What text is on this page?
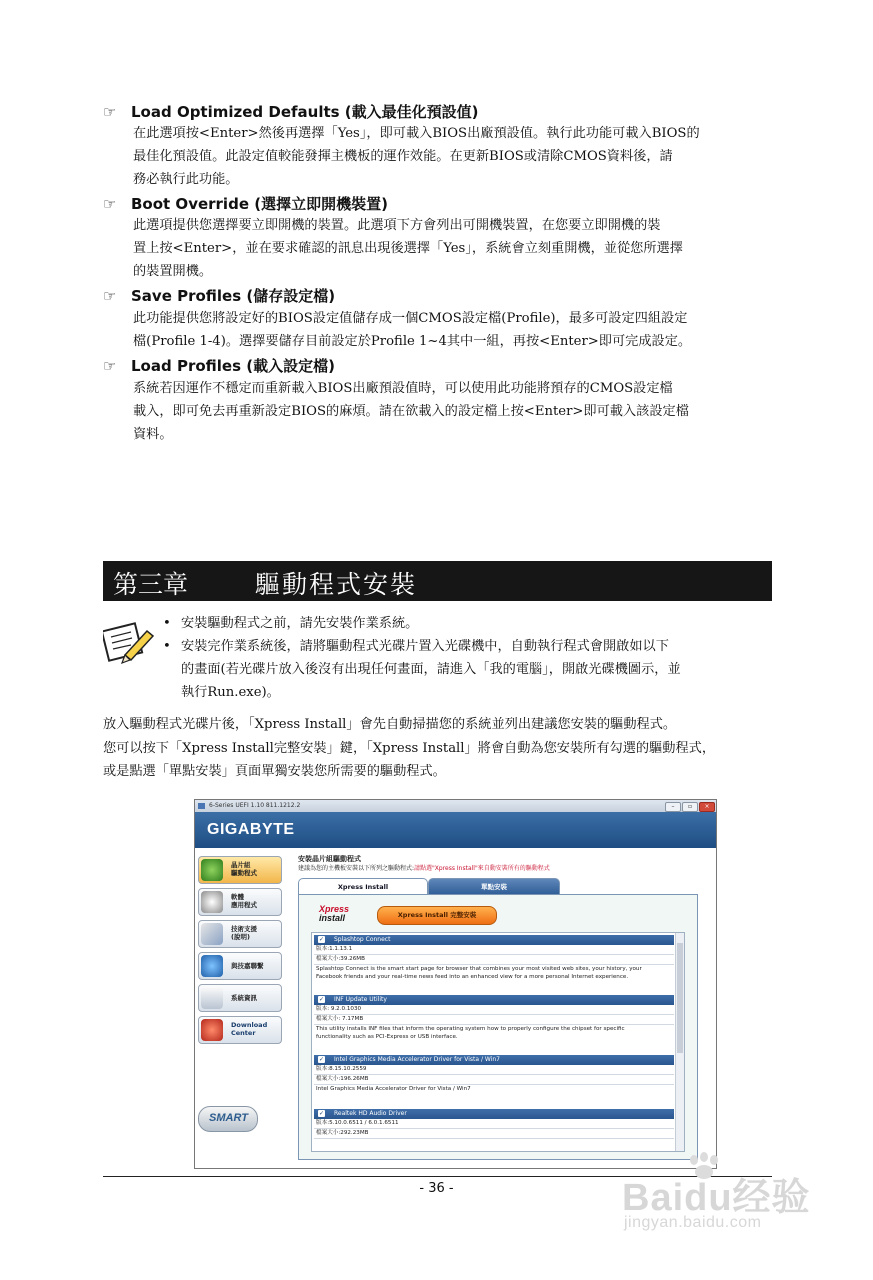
☞ Load Optimized Defaults (載入最佳化預設值)
在此選項按<Enter>然後再選擇「Yes」，即可載入BIOS出廠預設值。執行此功能可載入BIOS的
最佳化預設值。此設定值較能發揮主機板的運作效能。在更新BIOS或清除CMOS資料後，請
務必執行此功能。
☞ Boot Override (選擇立即開機裝置)
此選項提供您選擇要立即開機的裝置。此選項下方會列出可開機裝置，在您要立即開機的裝
置上按<Enter>，並在要求確認的訊息出現後選擇「Yes」，系統會立刻重開機，並從您所選擇
的裝置開機。
☞ Save Profiles (儲存設定檔)
此功能提供您將設定好的BIOS設定值儲存成一個CMOS設定檔(Profile)，最多可設定四組設定
檔(Profile 1-4)。選擇要儲存目前設定於Profile 1~4其中一組，再按<Enter>即可完成設定。
☞ Load Profiles (載入設定檔)
系統若因運作不穩定而重新載入BIOS出廠預設值時，可以使用此功能將預存的CMOS設定檔
載入，即可免去再重新設定BIOS的麻煩。請在欲載入的設定檔上按<Enter>即可載入該設定檔
資料。
第三章	驅動程式安裝
• 安裝驅動程式之前，請先安裝作業系統。
• 安裝完作業系統後，請將驅動程式光碟片置入光碟機中，自動執行程式會開啟如以下
的畫面(若光碟片放入後沒有出現任何畫面，請進入「我的電腦」，開啟光碟機圖示，並
執行Run.exe)。
放入驅動程式光碟片後，「Xpress Install」會先自動掃描您的系統並列出建議您安裝的驅動程式。
您可以按下「Xpress Install完整安裝」鍵，「Xpress Install」將會自動為您安裝所有勾選的驅動程式，
或是點選「單點安裝」頁面單獨安裝您所需要的驅動程式。
6-Series UEFI 1.10 811.1212.2	–	▫	×
GIGABYTE
晶片組
驅動程式
軟體
應用程式
技術支援
(說明)
與技嘉聯繫
系統資訊
Download
Center
SMART
安裝晶片組驅動程式
建議為您的主機板安裝以下所列之驅動程式:請點選"Xpress Install"來自動安裝所有的驅動程式
Xpress Install	單點安裝
Xpress
install	Xpress Install 完整安裝
✓ Splashtop Connect
版本:1.1.13.1
檔案大小:39.26MB
Splashtop Connect is the smart start page for browser that combines your most visited web sites, your history, your
Facebook friends and your real-time news feed into an enhanced view for a more personal Internet experience.
✓ INF Update Utility
版本: 9.2.0.1030
檔案大小: 7.17MB
This utility installs INF files that inform the operating system how to properly configure the chipset for specific
functionality such as PCI-Express or USB interface.
✓ Intel Graphics Media Accelerator Driver for Vista / Win7
版本:8.15.10.2559
檔案大小:196.26MB
Intel Graphics Media Accelerator Driver for Vista / Win7
✓ Realtek HD Audio Driver
版本:5.10.0.6511 / 6.0.1.6511
檔案大小:292.23MB
- 36 -	Baidu经验
jingyan.baidu.com
